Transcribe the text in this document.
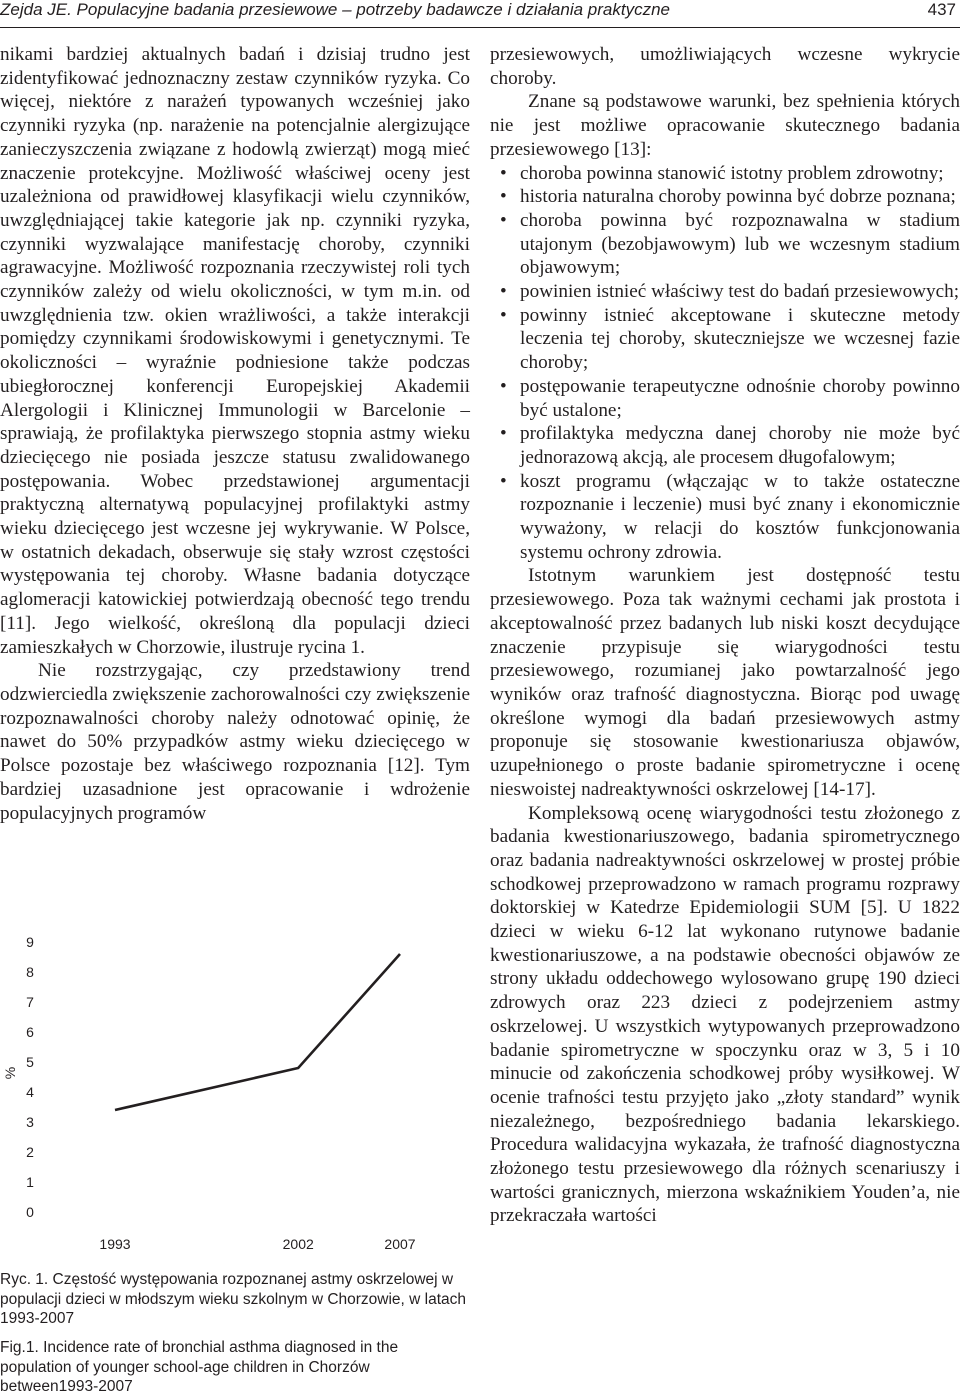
Zejda JE. Populacyjne badania przesiewowe – potrzeby badawcze i działania praktyczne	437

nikami bardziej aktualnych badań i dzisiaj trudno jest zidentyfikować jednoznaczny zestaw czynników ryzyka. Co więcej, niektóre z narażeń typowanych wcześniej jako czynniki ryzyka (np. narażenie na potencjalnie alergizujące zanieczyszczenia związane z hodowlą zwierząt) mogą mieć znaczenie protekcyjne. Możliwość właściwej oceny jest uzależniona od prawidłowej klasyfikacji wielu czynników, uwzględniającej takie kategorie jak np. czynniki ryzyka, czynniki wyzwalające manifestację choroby, czynniki agrawacyjne. Możliwość rozpoznania rzeczywistej roli tych czynników zależy od wielu okoliczności, w tym m.in. od uwzględnienia tzw. okien wrażliwości, a także interakcji pomiędzy czynnikami środowiskowymi i genetycznymi. Te okoliczności – wyraźnie podniesione także podczas ubiegłorocznej konferencji Europejskiej Akademii Alergologii i Klinicznej Immunologii w Barcelonie – sprawiają, że profilaktyka pierwszego stopnia astmy wieku dziecięcego nie posiada jeszcze statusu zwalidowanego postępowania. Wobec przedstawionej argumentacji praktyczną alternatywą populacyjnej profilaktyki astmy wieku dziecięcego jest wczesne jej wykrywanie. W Polsce, w ostatnich dekadach, obserwuje się stały wzrost częstości występowania tej choroby. Własne badania dotyczące aglomeracji katowickiej potwierdzają obecność tego trendu [11]. Jego wielkość, określoną dla populacji dzieci zamieszkałych w Chorzowie, ilustruje rycina 1.

Nie rozstrzygając, czy przedstawiony trend odzwierciedla zwiększenie zachorowalności czy zwiększenie rozpoznawalności choroby należy odnotować opinię, że nawet do 50% przypadków astmy wieku dziecięcego w Polsce pozostaje bez właściwego rozpoznania [12]. Tym bardziej uzasadnione jest opracowanie i wdrożenie populacyjnych programów

%
0
1
2
3
4
5
6
7
8
9
1993	2002	2007
Ryc. 1. Częstość występowania rozpoznanej astmy oskrzelowej w populacji dzieci w młodszym wieku szkolnym w Chorzowie, w latach 1993-2007
Fig.1. Incidence rate of bronchial asthma diagnosed in the population of younger school-age children in Chorzów between1993-2007

przesiewowych, umożliwiających wczesne wykrycie choroby.

Znane są podstawowe warunki, bez spełnienia których nie jest możliwe opracowanie skutecznego badania przesiewowego [13]:

• choroba powinna stanowić istotny problem zdrowotny;
• historia naturalna choroby powinna być dobrze poznana;
• choroba powinna być rozpoznawalna w stadium utajonym (bezobjawowym) lub we wczesnym stadium objawowym;
• powinien istnieć właściwy test do badań przesiewowych;
• powinny istnieć akceptowane i skuteczne metody leczenia tej choroby, skuteczniejsze we wczesnej fazie choroby;
• postępowanie terapeutyczne odnośnie choroby powinno być ustalone;
• profilaktyka medyczna danej choroby nie może być jednorazową akcją, ale procesem długofalowym;
• koszt programu (włączając w to także ostateczne rozpoznanie i leczenie) musi być znany i ekonomicznie wyważony, w relacji do kosztów funkcjonowania systemu ochrony zdrowia.

Istotnym warunkiem jest dostępność testu przesiewowego. Poza tak ważnymi cechami jak prostota i akceptowalność przez badanych lub niski koszt decydujące znaczenie przypisuje się wiarygodności testu przesiewowego, rozumianej jako powtarzalność jego wyników oraz trafność diagnostyczna. Biorąc pod uwagę określone wymogi dla badań przesiewowych astmy proponuje się stosowanie kwestionariusza objawów, uzupełnionego o proste badanie spirometryczne i ocenę nieswoistej nadreaktywności oskrzelowej [14-17].

Kompleksową ocenę wiarygodności testu złożonego z badania kwestionariuszowego, badania spirometrycznego oraz badania nadreaktywności oskrzelowej w prostej próbie schodkowej przeprowadzono w ramach programu rozprawy doktorskiej w Katedrze Epidemiologii SUM [5]. U 1822 dzieci w wieku 6-12 lat wykonano rutynowe badanie kwestionariuszowe, a na podstawie obecności objawów ze strony układu oddechowego wylosowano grupę 190 dzieci zdrowych oraz 223 dzieci z podejrzeniem astmy oskrzelowej. U wszystkich wytypowanych przeprowadzono badanie spirometryczne w spoczynku oraz w 3, 5 i 10 minucie od zakończenia schodkowej próby wysiłkowej. W ocenie trafności testu przyjęto jako „złoty standard” wynik niezależnego, bezpośredniego badania lekarskiego. Procedura walidacyjna wykazała, że trafność diagnostyczna złożonego testu przesiewowego dla różnych scenariuszy i wartości granicznych, mierzona wskaźnikiem Youden’a, nie przekraczała wartości
